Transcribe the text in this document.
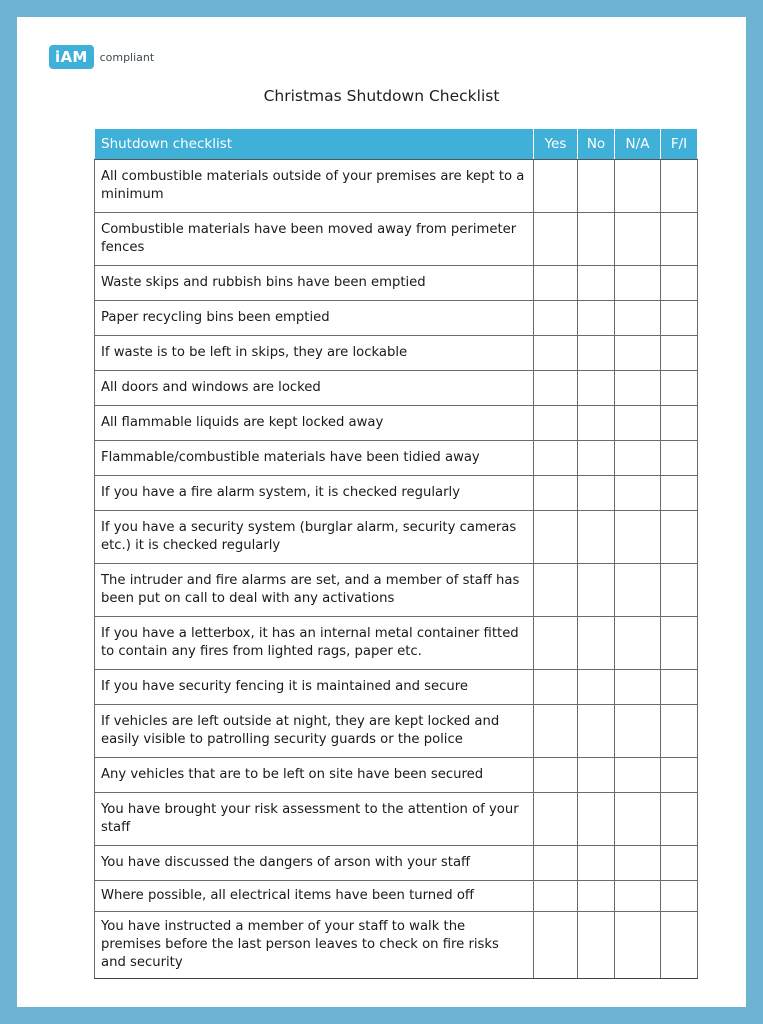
iAM	compliant
Christmas Shutdown Checklist
Shutdown checklist	Yes	No	N/A	F/I
All combustible materials outside of your premises are kept to a minimum				
Combustible materials have been moved away from perimeter fences				
Waste skips and rubbish bins have been emptied				
Paper recycling bins been emptied				
If waste is to be left in skips, they are lockable				
All doors and windows are locked				
All flammable liquids are kept locked away				
Flammable/combustible materials have been tidied away				
If you have a fire alarm system, it is checked regularly				
If you have a security system (burglar alarm, security cameras etc.) it is checked regularly				
The intruder and fire alarms are set, and a member of staff has been put on call to deal with any activations				
If you have a letterbox, it has an internal metal container fitted to contain any fires from lighted rags, paper etc.				
If you have security fencing it is maintained and secure				
If vehicles are left outside at night, they are kept locked and easily visible to patrolling security guards or the police				
Any vehicles that are to be left on site have been secured				
You have brought your risk assessment to the attention of your staff				
You have discussed the dangers of arson with your staff				
Where possible, all electrical items have been turned off				
You have instructed a member of your staff to walk the premises before the last person leaves to check on fire risks and security				
